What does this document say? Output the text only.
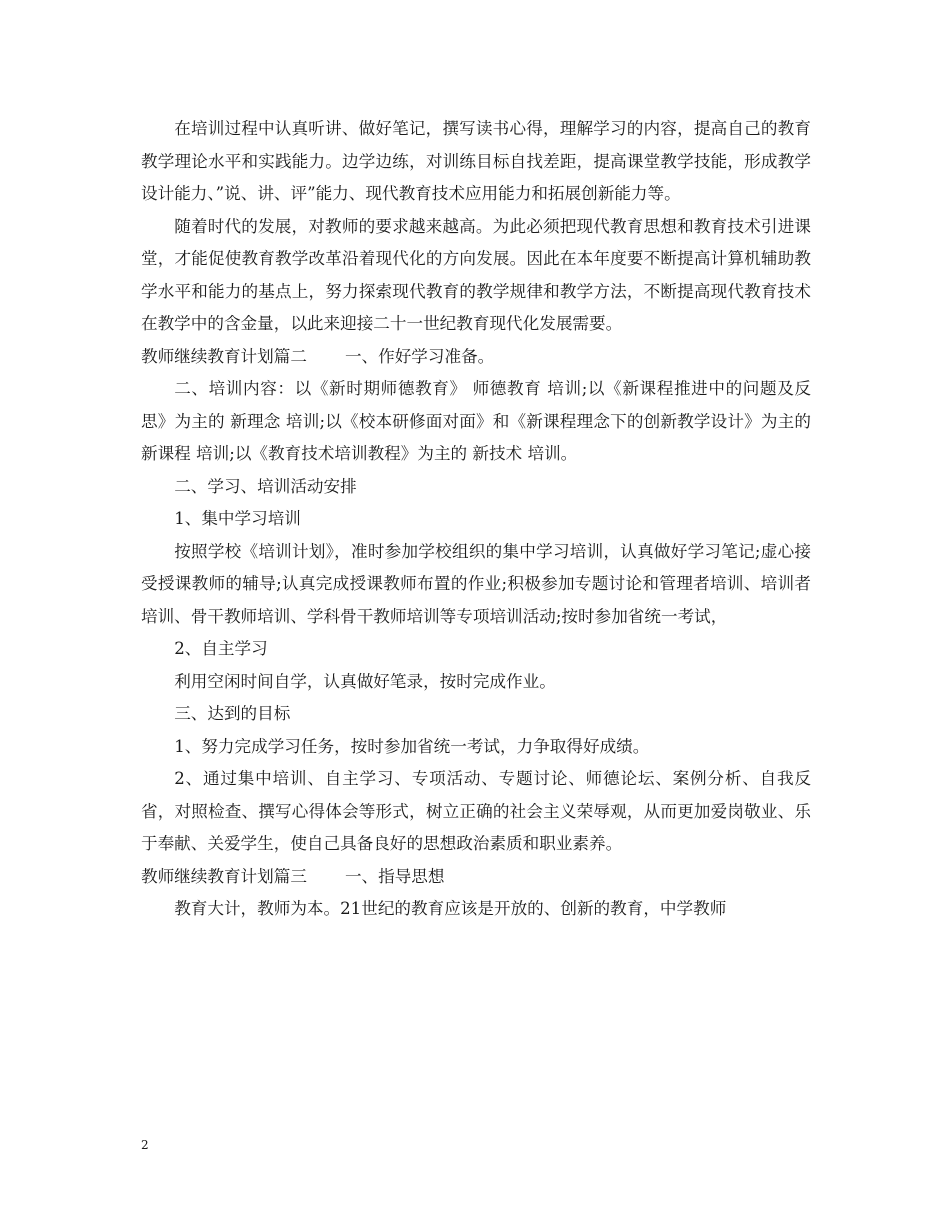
在培训过程中认真听讲、做好笔记，撰写读书心得，理解学习的内容，提高自己的教育教学理论水平和实践能力。边学边练，对训练目标自找差距，提高课堂教学技能，形成教学设计能力、”说、讲、评”能力、现代教育技术应用能力和拓展创新能力等。

随着时代的发展，对教师的要求越来越高。为此必须把现代教育思想和教育技术引进课堂，才能促使教育教学改革沿着现代化的方向发展。因此在本年度要不断提高计算机辅助教学水平和能力的基点上，努力探索现代教育的教学规律和教学方法，不断提高现代教育技术在教学中的含金量，以此来迎接二十一世纪教育现代化发展需要。

教师继续教育计划篇二 一、作好学习准备。

二、培训内容：以《新时期师德教育》 师德教育 培训;以《新课程推进中的问题及反思》为主的 新理念 培训;以《校本研修面对面》和《新课程理念下的创新教学设计》为主的 新课程 培训;以《教育技术培训教程》为主的 新技术 培训。

二、学习、培训活动安排

1、集中学习培训

按照学校《培训计划》，准时参加学校组织的集中学习培训，认真做好学习笔记;虚心接受授课教师的辅导;认真完成授课教师布置的作业;积极参加专题讨论和管理者培训、培训者培训、骨干教师培训、学科骨干教师培训等专项培训活动;按时参加省统一考试，

2、自主学习

利用空闲时间自学，认真做好笔录，按时完成作业。

三、达到的目标

1、努力完成学习任务，按时参加省统一考试，力争取得好成绩。

2、通过集中培训、自主学习、专项活动、专题讨论、师德论坛、案例分析、自我反省，对照检查、撰写心得体会等形式，树立正确的社会主义荣辱观，从而更加爱岗敬业、乐于奉献、关爱学生，使自己具备良好的思想政治素质和职业素养。

教师继续教育计划篇三 一、指导思想

教育大计，教师为本。21世纪的教育应该是开放的、创新的教育，中学教师

2
